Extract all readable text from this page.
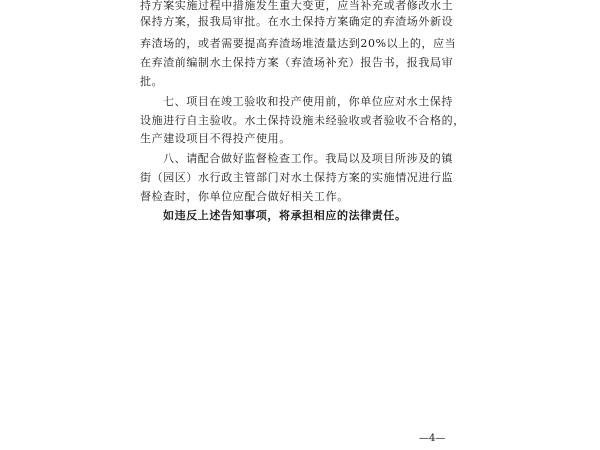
持方案实施过程中措施发生重大变更，应当补充或者修改水土
保持方案，报我局审批。在水土保持方案确定的弃渣场外新设
弃渣场的，或者需要提高弃渣场堆渣量达到20%以上的，应当
在弃渣前编制水土保持方案（弃渣场补充）报告书，报我局审
批。
七、项目在竣工验收和投产使用前，你单位应对水土保持
设施进行自主验收。水土保持设施未经验收或者验收不合格的，
生产建设项目不得投产使用。
八、请配合做好监督检查工作。我局以及项目所涉及的镇
街（园区）水行政主管部门对水土保持方案的实施情况进行监
督检查时，你单位应配合做好相关工作。
如违反上述告知事项，将承担相应的法律责任。
—4—
